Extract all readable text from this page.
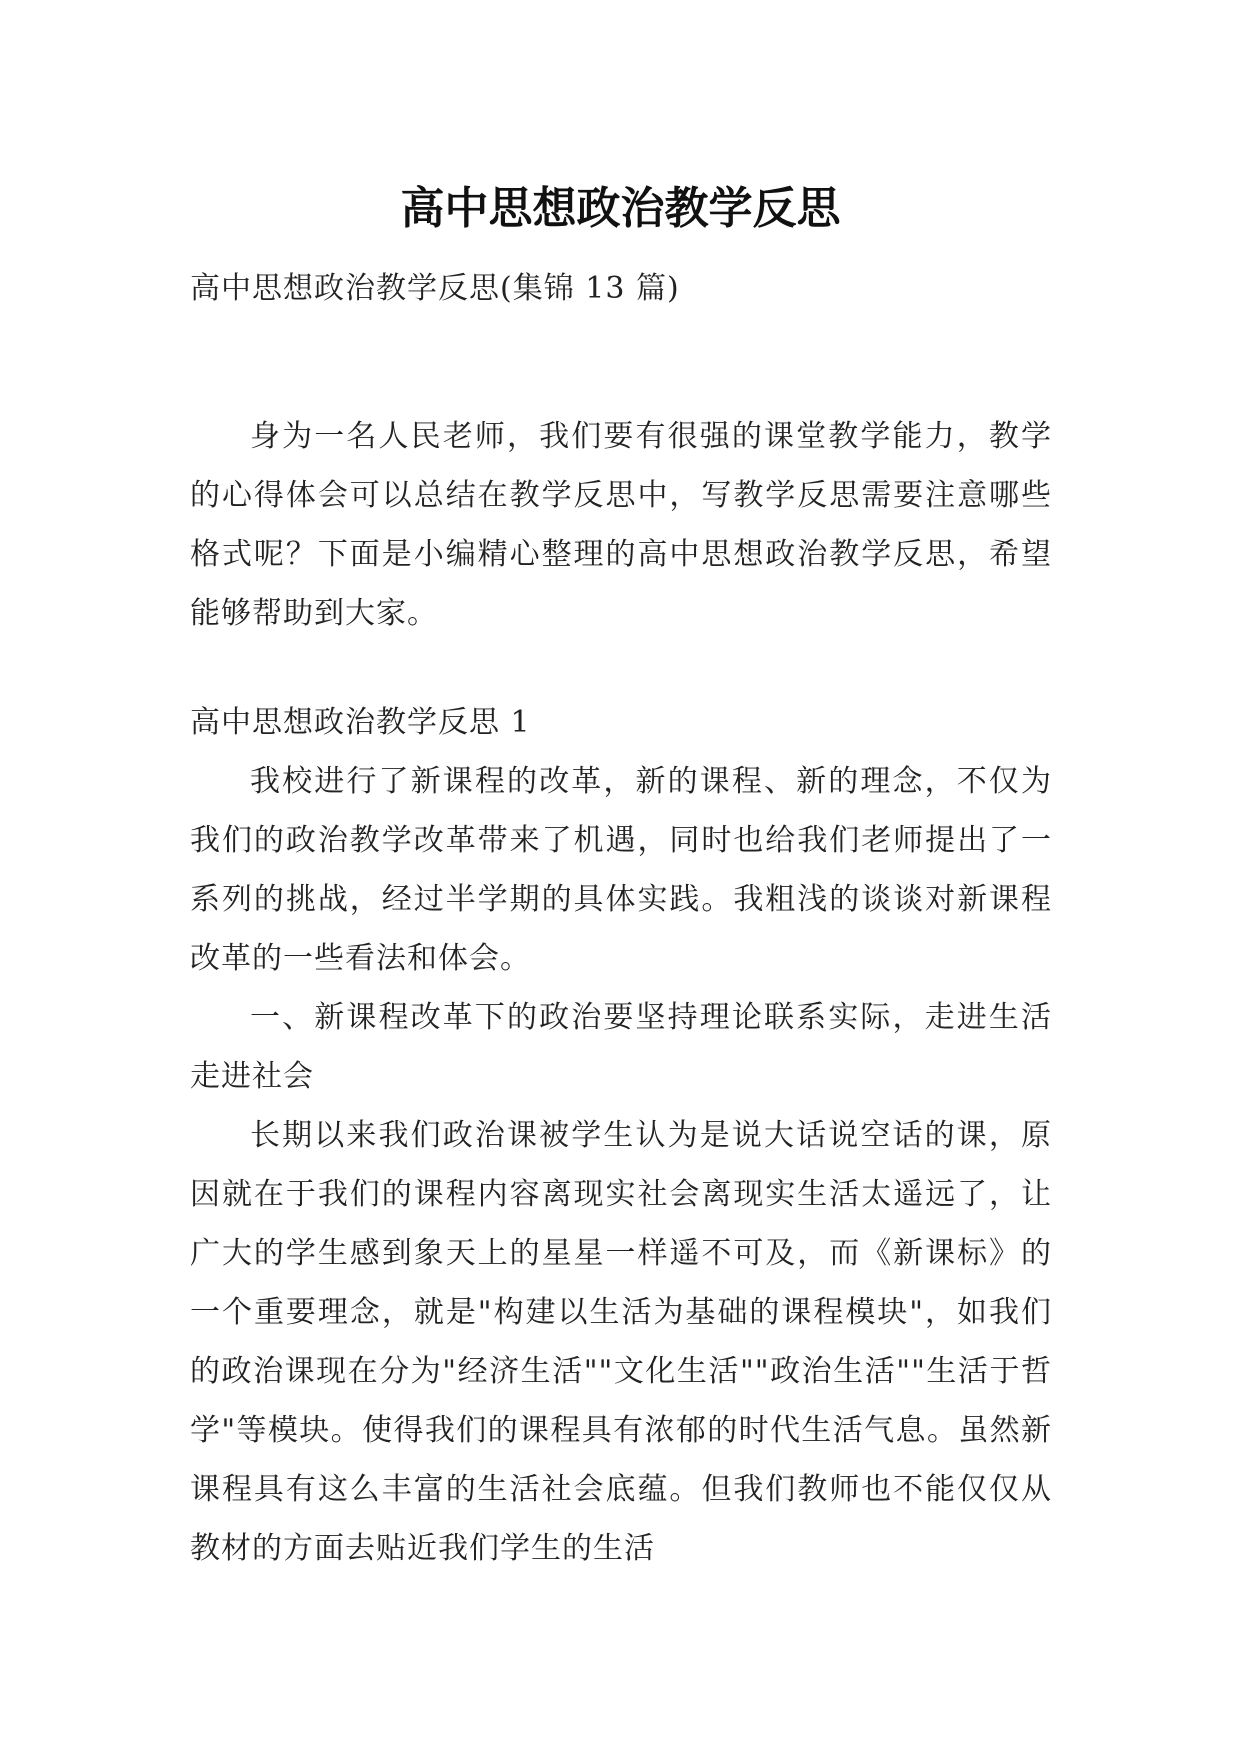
高中思想政治教学反思

高中思想政治教学反思(集锦 13 篇)

身为一名人民老师，我们要有很强的课堂教学能力，教学的心得体会可以总结在教学反思中，写教学反思需要注意哪些格式呢？下面是小编精心整理的高中思想政治教学反思，希望能够帮助到大家。

高中思想政治教学反思 1

我校进行了新课程的改革，新的课程、新的理念，不仅为我们的政治教学改革带来了机遇，同时也给我们老师提出了一系列的挑战，经过半学期的具体实践。我粗浅的谈谈对新课程改革的一些看法和体会。

一、新课程改革下的政治要坚持理论联系实际，走进生活走进社会

长期以来我们政治课被学生认为是说大话说空话的课，原因就在于我们的课程内容离现实社会离现实生活太遥远了，让广大的学生感到象天上的星星一样遥不可及，而《新课标》的一个重要理念，就是"构建以生活为基础的课程模块"，如我们的政治课现在分为"经济生活""文化生活""政治生活""生活于哲学"等模块。使得我们的课程具有浓郁的时代生活气息。虽然新课程具有这么丰富的生活社会底蕴。但我们教师也不能仅仅从教材的方面去贴近我们学生的生活
